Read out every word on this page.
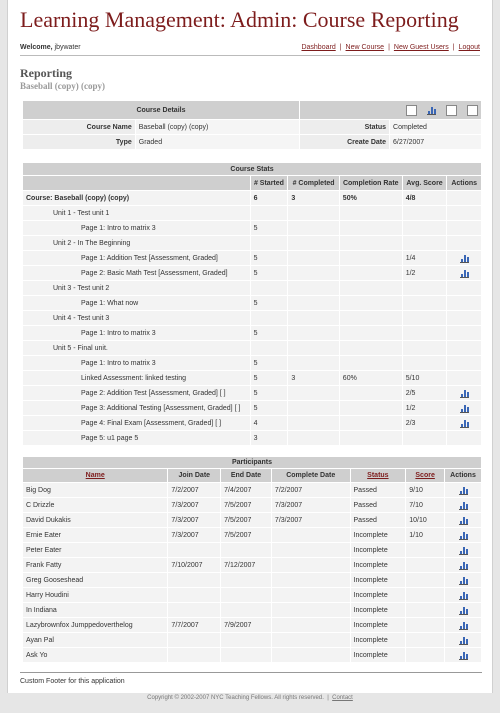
Learning Management: Admin: Course Reporting
Welcome, jbywater	Dashboard | New Course | New Guest Users | Logout
Reporting
Baseball (copy) (copy)
Course Details			

Course Name	Baseball (copy) (copy)	Status	Completed
Type	Graded	Create Date	6/27/2007
Course Stats					
	# Started	# Completed	Completion Rate	Avg. Score	Actions
Course: Baseball (copy) (copy)	6	3	50%	4/8	
Unit 1 - Test unit 1					
Page 1: Intro to matrix 3	5				
Unit 2 - In The Beginning					
Page 1: Addition Test [Assessment, Graded]	5			1/4	

Page 2: Basic Math Test [Assessment, Graded]	5			1/2	

Unit 3 - Test unit 2					
Page 1: What now	5				
Unit 4 - Test unit 3					
Page 1: Intro to matrix 3	5				
Unit 5 - Final unit.					
Page 1: Intro to matrix 3	5				
Linked Assessment: linked testing	5	3	60%	5/10	
Page 2: Addition Test [Assessment, Graded] [ ]	5			2/5	

Page 3: Additional Testing [Assessment, Graded] [ ]	5			1/2	

Page 4: Final Exam [Assessment, Graded] [ ]	4			2/3	

Page 5: u1 page 5	3				
Participants						
Name	Join Date	End Date	Complete Date	Status	Score	Actions
Big Dog	7/2/2007	7/4/2007	7/2/2007	Passed	9/10	

C Drizzle	7/3/2007	7/5/2007	7/3/2007	Passed	7/10	

David Dukakis	7/3/2007	7/5/2007	7/3/2007	Passed	10/10	

Ernie Eater	7/3/2007	7/5/2007		Incomplete	1/10	

Peter Eater				Incomplete		

Frank Fatty	7/10/2007	7/12/2007		Incomplete		

Greg Gooseshead				Incomplete		

Harry Houdini				Incomplete		

In Indiana				Incomplete		

Lazybrownfox Jumppedoverthelog	7/7/2007	7/9/2007		Incomplete		

Ayan Pal				Incomplete		

Ask Yo				Incomplete		
Custom Footer for this application
Copyright © 2002-2007 NYC Teaching Fellows. All rights reserved.  |  Contact
